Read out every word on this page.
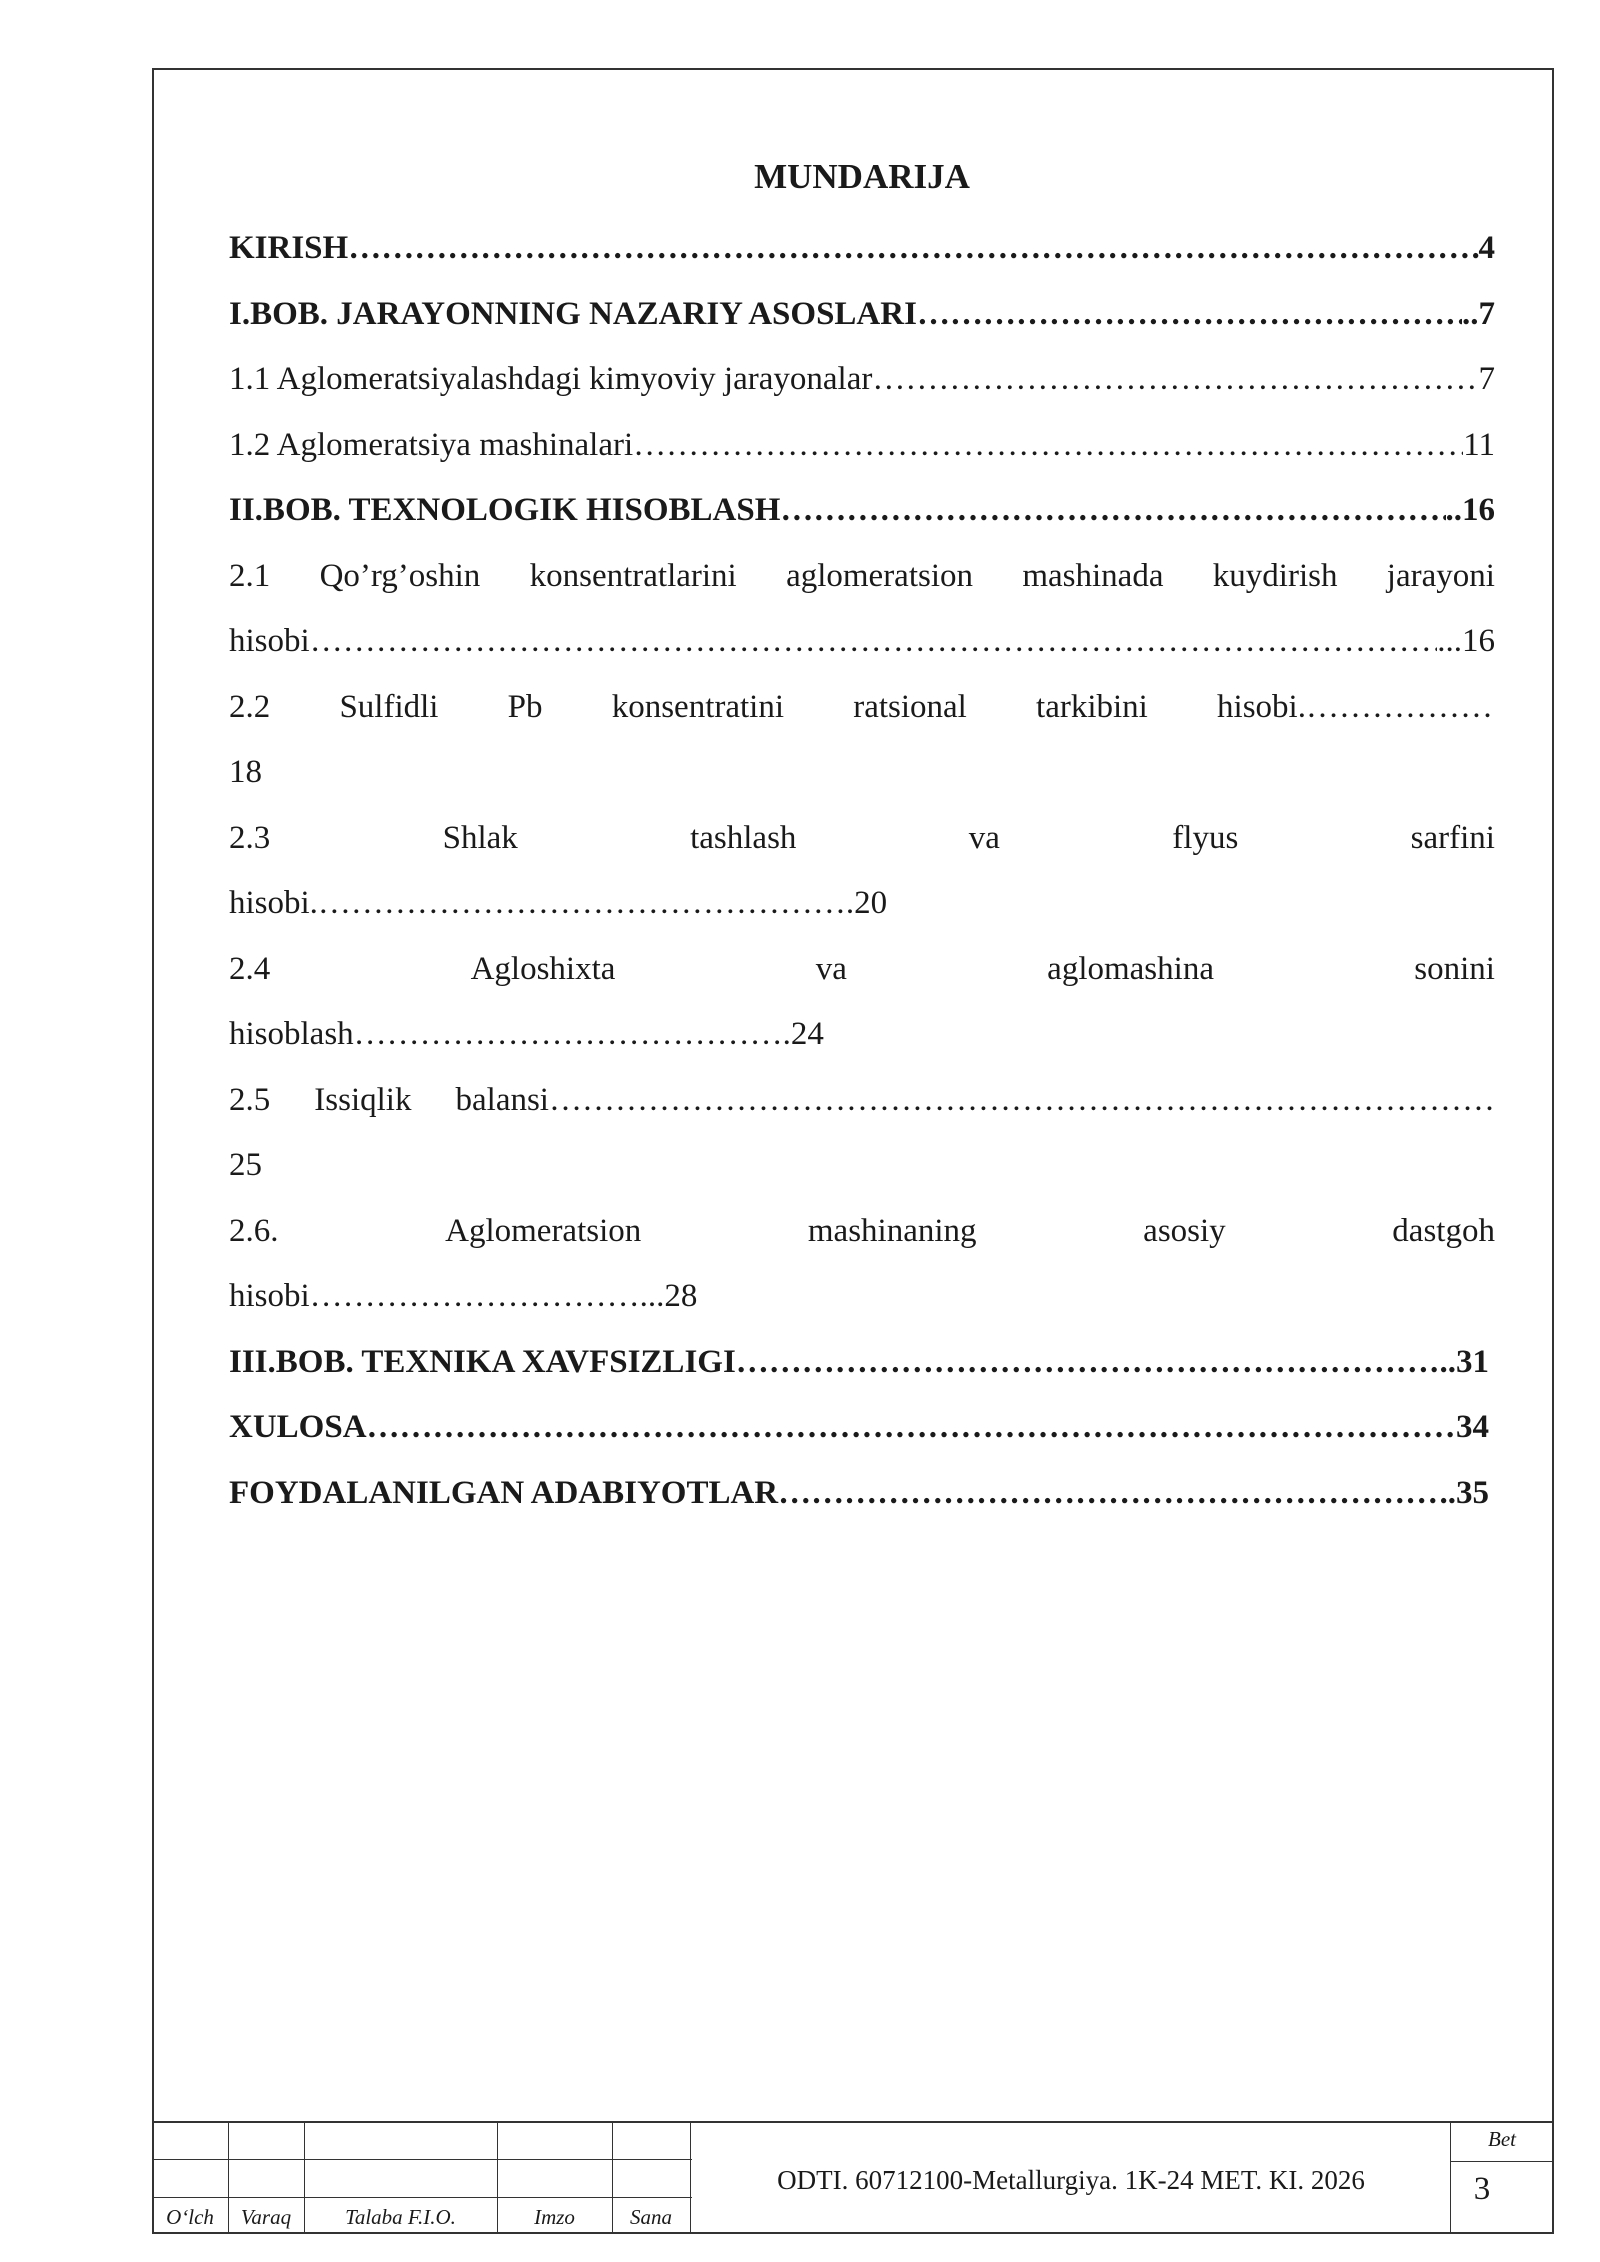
MUNDARIJA
KIRISH ………………………………………………………………………………………………………………………………………………………………………………………………………………………	4
I.BOB. JARAYONNING NAZARIY ASOSLARI ………………………………………………………………………………………………………………………………………………………………………………………………………………………	..7
1.1 Aglomeratsiyalashdagi kimyoviy jarayonalar ………………………………………………………………………………………………………………………………………………………………………………………………………………………	7
1.2 Aglomeratsiya mashinalari ………………………………………………………………………………………………………………………………………………………………………………………………………………………	11
II.BOB. TEXNOLOGIK HISOBLASH ………………………………………………………………………………………………………………………………………………………………………………………………………………………	..16
2.1 Qo’rg’oshin konsentratlarini aglomeratsion mashinada kuydirish jarayoni
hisobi ………………………………………………………………………………………………………………………………………………………………………………………………………………………	...16
2.2 Sulfidli Pb konsentratini ratsional tarkibini hisobi.
………………………………………………………………………………………………………………………………………………………………………………………………………………………
18
2.3	Shlak	tashlash	va	flyus	sarfini
hisobi.………………………………………….20
2.4	Agloshixta	va	aglomashina	sonini
hisoblash………………………………….24
2.5 Issiqlik balansi
………………………………………………………………………………………………………………………………………………………………………………………………………………………
25
2.6.	Aglomeratsion	mashinaning	asosiy	dastgoh
hisobi…………………………...28
III.BOB. TEXNIKA XAVFSIZLIGI ………………………………………………………………………………………………………………………………………………………………………………………………………………………	..31
XULOSA ………………………………………………………………………………………………………………………………………………………………………………………………………………………	34
FOYDALANILGAN ADABIYOTLAR ………………………………………………………………………………………………………………………………………………………………………………………………………………………	..35
O‘lch	Varaq	Talaba F.I.O.	Imzo	Sana
ODTI. 60712100-Metallurgiya. 1K-24 MET. KI. 2026
Bet
3
